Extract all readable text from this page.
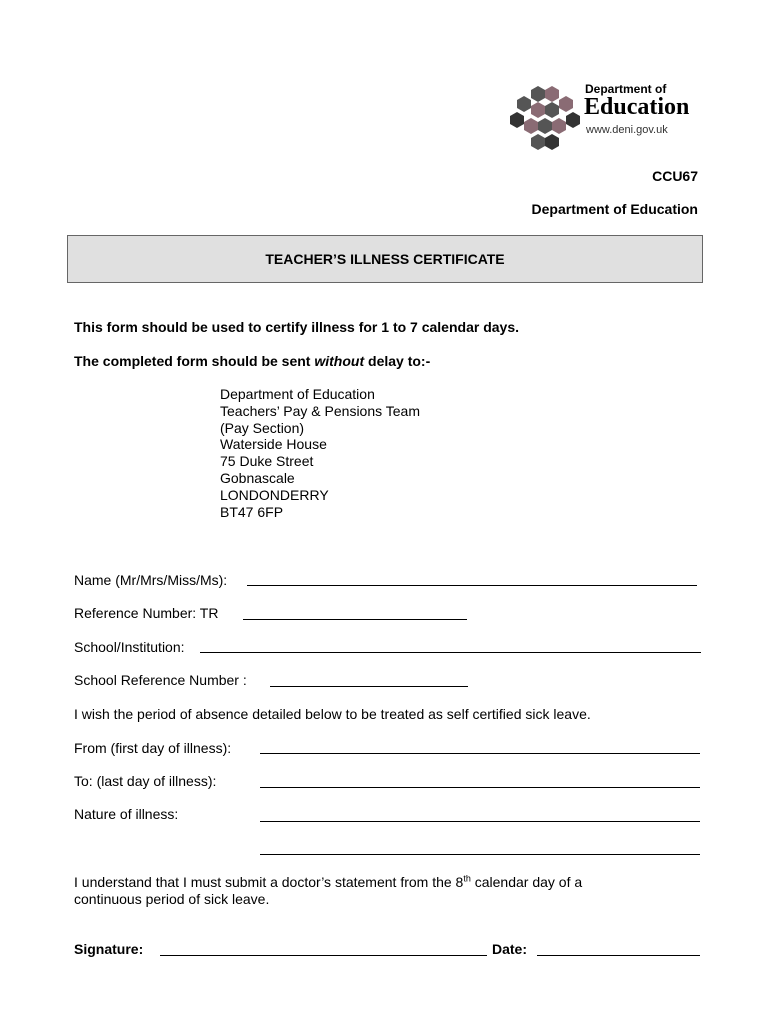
Department of
Education
www.deni.gov.uk
CCU67
Department of Education
TEACHER’S ILLNESS CERTIFICATE
This form should be used to certify illness for 1 to 7 calendar days.
The completed form should be sent without delay to:-
Department of Education
Teachers’ Pay & Pensions Team
(Pay Section)
Waterside House
75 Duke Street
Gobnascale
LONDONDERRY
BT47 6FP
Name (Mr/Mrs/Miss/Ms):
Reference Number: TR
School/Institution:
School Reference Number :
I wish the period of absence detailed below to be treated as self certified sick leave.
From (first day of illness):
To: (last day of illness):
Nature of illness:
I understand that I must submit a doctor’s statement from the 8th calendar day of a
continuous period of sick leave.
Signature:	Date:
